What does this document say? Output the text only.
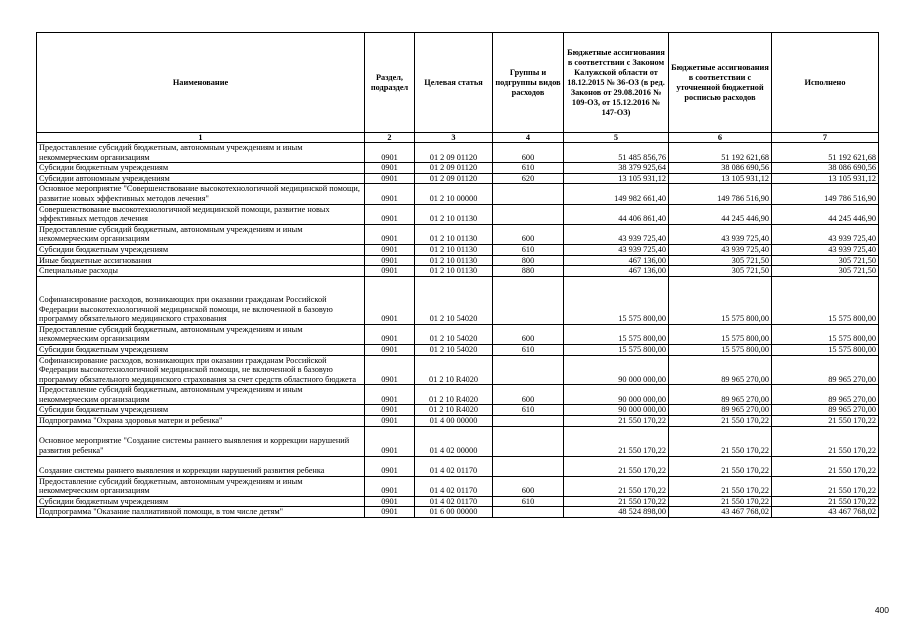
Наименование	Раздел, подраздел	Целевая статья	Группы и подгруппы видов расходов	Бюджетные ассигнования в соответствии с Законом Калужской области от 18.12.2015 № 36-ОЗ (в ред. Законов от 29.08.2016 № 109-ОЗ, от 15.12.2016 № 147-ОЗ)	Бюджетные ассигнования в соответствии с уточненной бюджетной росписью расходов	Исполнено
1	2	3	4	5	6	7
Предоставление субсидий бюджетным, автономным учреждениям и иным некоммерческим организациям	0901	01 2 09 01120	600	51 485 856,76	51 192 621,68	51 192 621,68
Субсидии бюджетным учреждениям	0901	01 2 09 01120	610	38 379 925,64	38 086 690,56	38 086 690,56
Субсидии автономным учреждениям	0901	01 2 09 01120	620	13 105 931,12	13 105 931,12	13 105 931,12
Основное мероприятие "Совершенствование высокотехнологичной медицинской помощи, развитие новых эффективных методов лечения"	0901	01 2 10 00000		149 982 661,40	149 786 516,90	149 786 516,90
Совершенствование высокотехнологичной медицинской помощи, развитие новых эффективных методов лечения	0901	01 2 10 01130		44 406 861,40	44 245 446,90	44 245 446,90
Предоставление субсидий бюджетным, автономным учреждениям и иным некоммерческим организациям	0901	01 2 10 01130	600	43 939 725,40	43 939 725,40	43 939 725,40
Субсидии бюджетным учреждениям	0901	01 2 10 01130	610	43 939 725,40	43 939 725,40	43 939 725,40
Иные бюджетные ассигнования	0901	01 2 10 01130	800	467 136,00	305 721,50	305 721,50
Специальные расходы	0901	01 2 10 01130	880	467 136,00	305 721,50	305 721,50
Софинансирование расходов, возникающих при оказании гражданам Российской Федерации высокотехнологичной медицинской помощи, не включенной в базовую программу обязательного медицинского страхования	0901	01 2 10 54020		15 575 800,00	15 575 800,00	15 575 800,00
Предоставление субсидий бюджетным, автономным учреждениям и иным некоммерческим организациям	0901	01 2 10 54020	600	15 575 800,00	15 575 800,00	15 575 800,00
Субсидии бюджетным учреждениям	0901	01 2 10 54020	610	15 575 800,00	15 575 800,00	15 575 800,00
Софинансирование расходов, возникающих при оказании гражданам Российской Федерации высокотехнологичной медицинской помощи, не включенной в базовую программу обязательного медицинского страхования за счет средств областного бюджета	0901	01 2 10 R4020		90 000 000,00	89 965 270,00	89 965 270,00
Предоставление субсидий бюджетным, автономным учреждениям и иным некоммерческим организациям	0901	01 2 10 R4020	600	90 000 000,00	89 965 270,00	89 965 270,00
Субсидии бюджетным учреждениям	0901	01 2 10 R4020	610	90 000 000,00	89 965 270,00	89 965 270,00
Подпрограмма "Охрана здоровья матери и ребенка"	0901	01 4 00 00000		21 550 170,22	21 550 170,22	21 550 170,22
Основное мероприятие "Создание системы раннего выявления и коррекции нарушений развития ребенка"	0901	01 4 02 00000		21 550 170,22	21 550 170,22	21 550 170,22
Создание системы раннего выявления и коррекции нарушений развития ребенка	0901	01 4 02 01170		21 550 170,22	21 550 170,22	21 550 170,22
Предоставление субсидий бюджетным, автономным учреждениям и иным некоммерческим организациям	0901	01 4 02 01170	600	21 550 170,22	21 550 170,22	21 550 170,22
Субсидии бюджетным учреждениям	0901	01 4 02 01170	610	21 550 170,22	21 550 170,22	21 550 170,22
Подпрограмма "Оказание паллиативной помощи, в том числе детям"	0901	01 6 00 00000		48 524 898,00	43 467 768,02	43 467 768,02
400
